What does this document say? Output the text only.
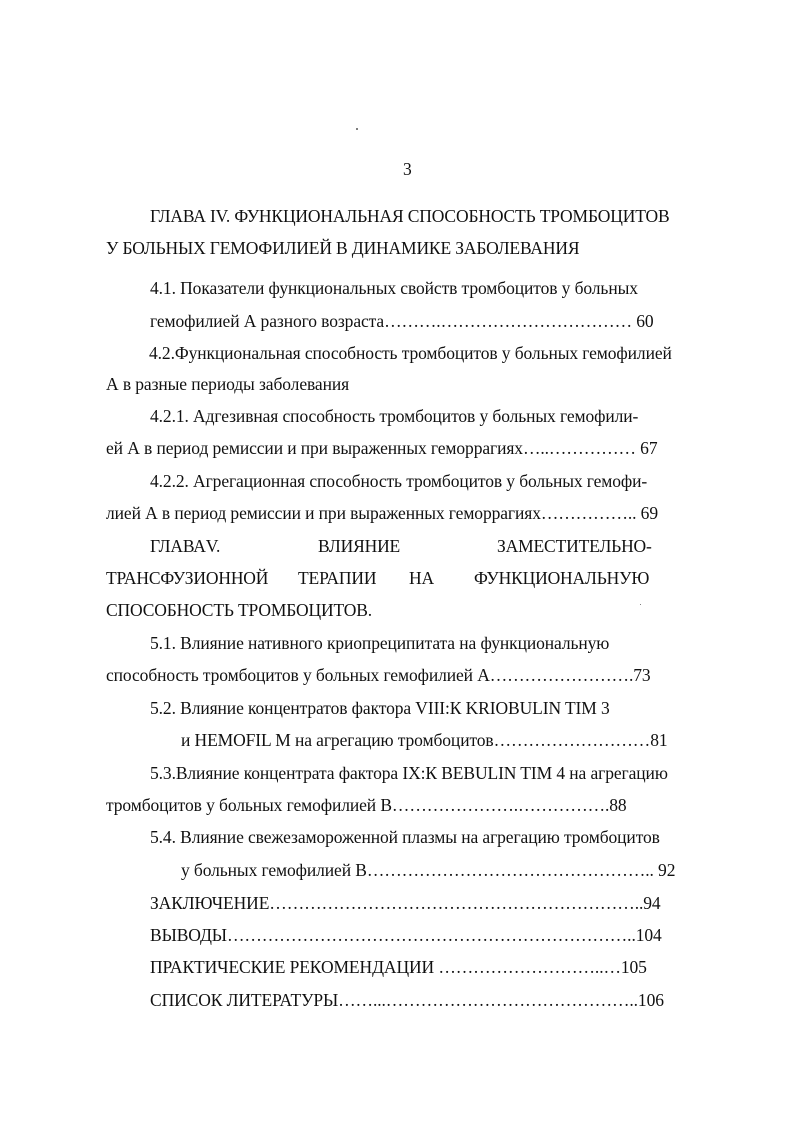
3
ГЛАВА IV. ФУНКЦИОНАЛЬНАЯ СПОСОБНОСТЬ ТРОМБОЦИТОВ
У БОЛЬНЫХ ГЕМОФИЛИЕЙ В ДИНАМИКЕ ЗАБОЛЕВАНИЯ
4.1. Показатели функциональных свойств тромбоцитов у больных
гемофилией А разного возраста……….…………………………… 60
4.2.Функциональная способность тромбоцитов у больных гемофилией
А в разные периоды заболевания
4.2.1. Адгезивная способность тромбоцитов у больных гемофили-
ей А в период ремиссии и при выраженных геморрагиях…..…………… 67
4.2.2. Агрегационная способность тромбоцитов у больных гемофи-
лией А в период ремиссии и при выраженных геморрагиях…………….. 69
ГЛАВАV.	ВЛИЯНИЕ	ЗАМЕСТИТЕЛЬНО-
ТРАНСФУЗИОННОЙ ТЕРАПИИ НА ФУНКЦИОНАЛЬНУЮ
СПОСОБНОСТЬ ТРОМБОЦИТОВ.
5.1. Влияние нативного криопреципитата на функциональную
способность тромбоцитов у больных гемофилией А…………………….73
5.2. Влияние концентратов фактора VIII:К KRIOBULIN TIM 3
и HEMOFIL M на агрегацию тромбоцитов………………………81
5.3.Влияние концентрата фактора IX:К BEBULIN TIM 4 на агрегацию
тромбоцитов у больных гемофилией В………………….…………….88
5.4. Влияние свежезамороженной плазмы на агрегацию тромбоцитов
у больных гемофилией В………………………………………….. 92
ЗАКЛЮЧЕНИЕ………………………………………………………..94
ВЫВОДЫ……………………………………………………………..104
ПРАКТИЧЕСКИЕ РЕКОМЕНДАЦИИ ………………………..…105
СПИСОК ЛИТЕРАТУРЫ……...……………………………………..106
